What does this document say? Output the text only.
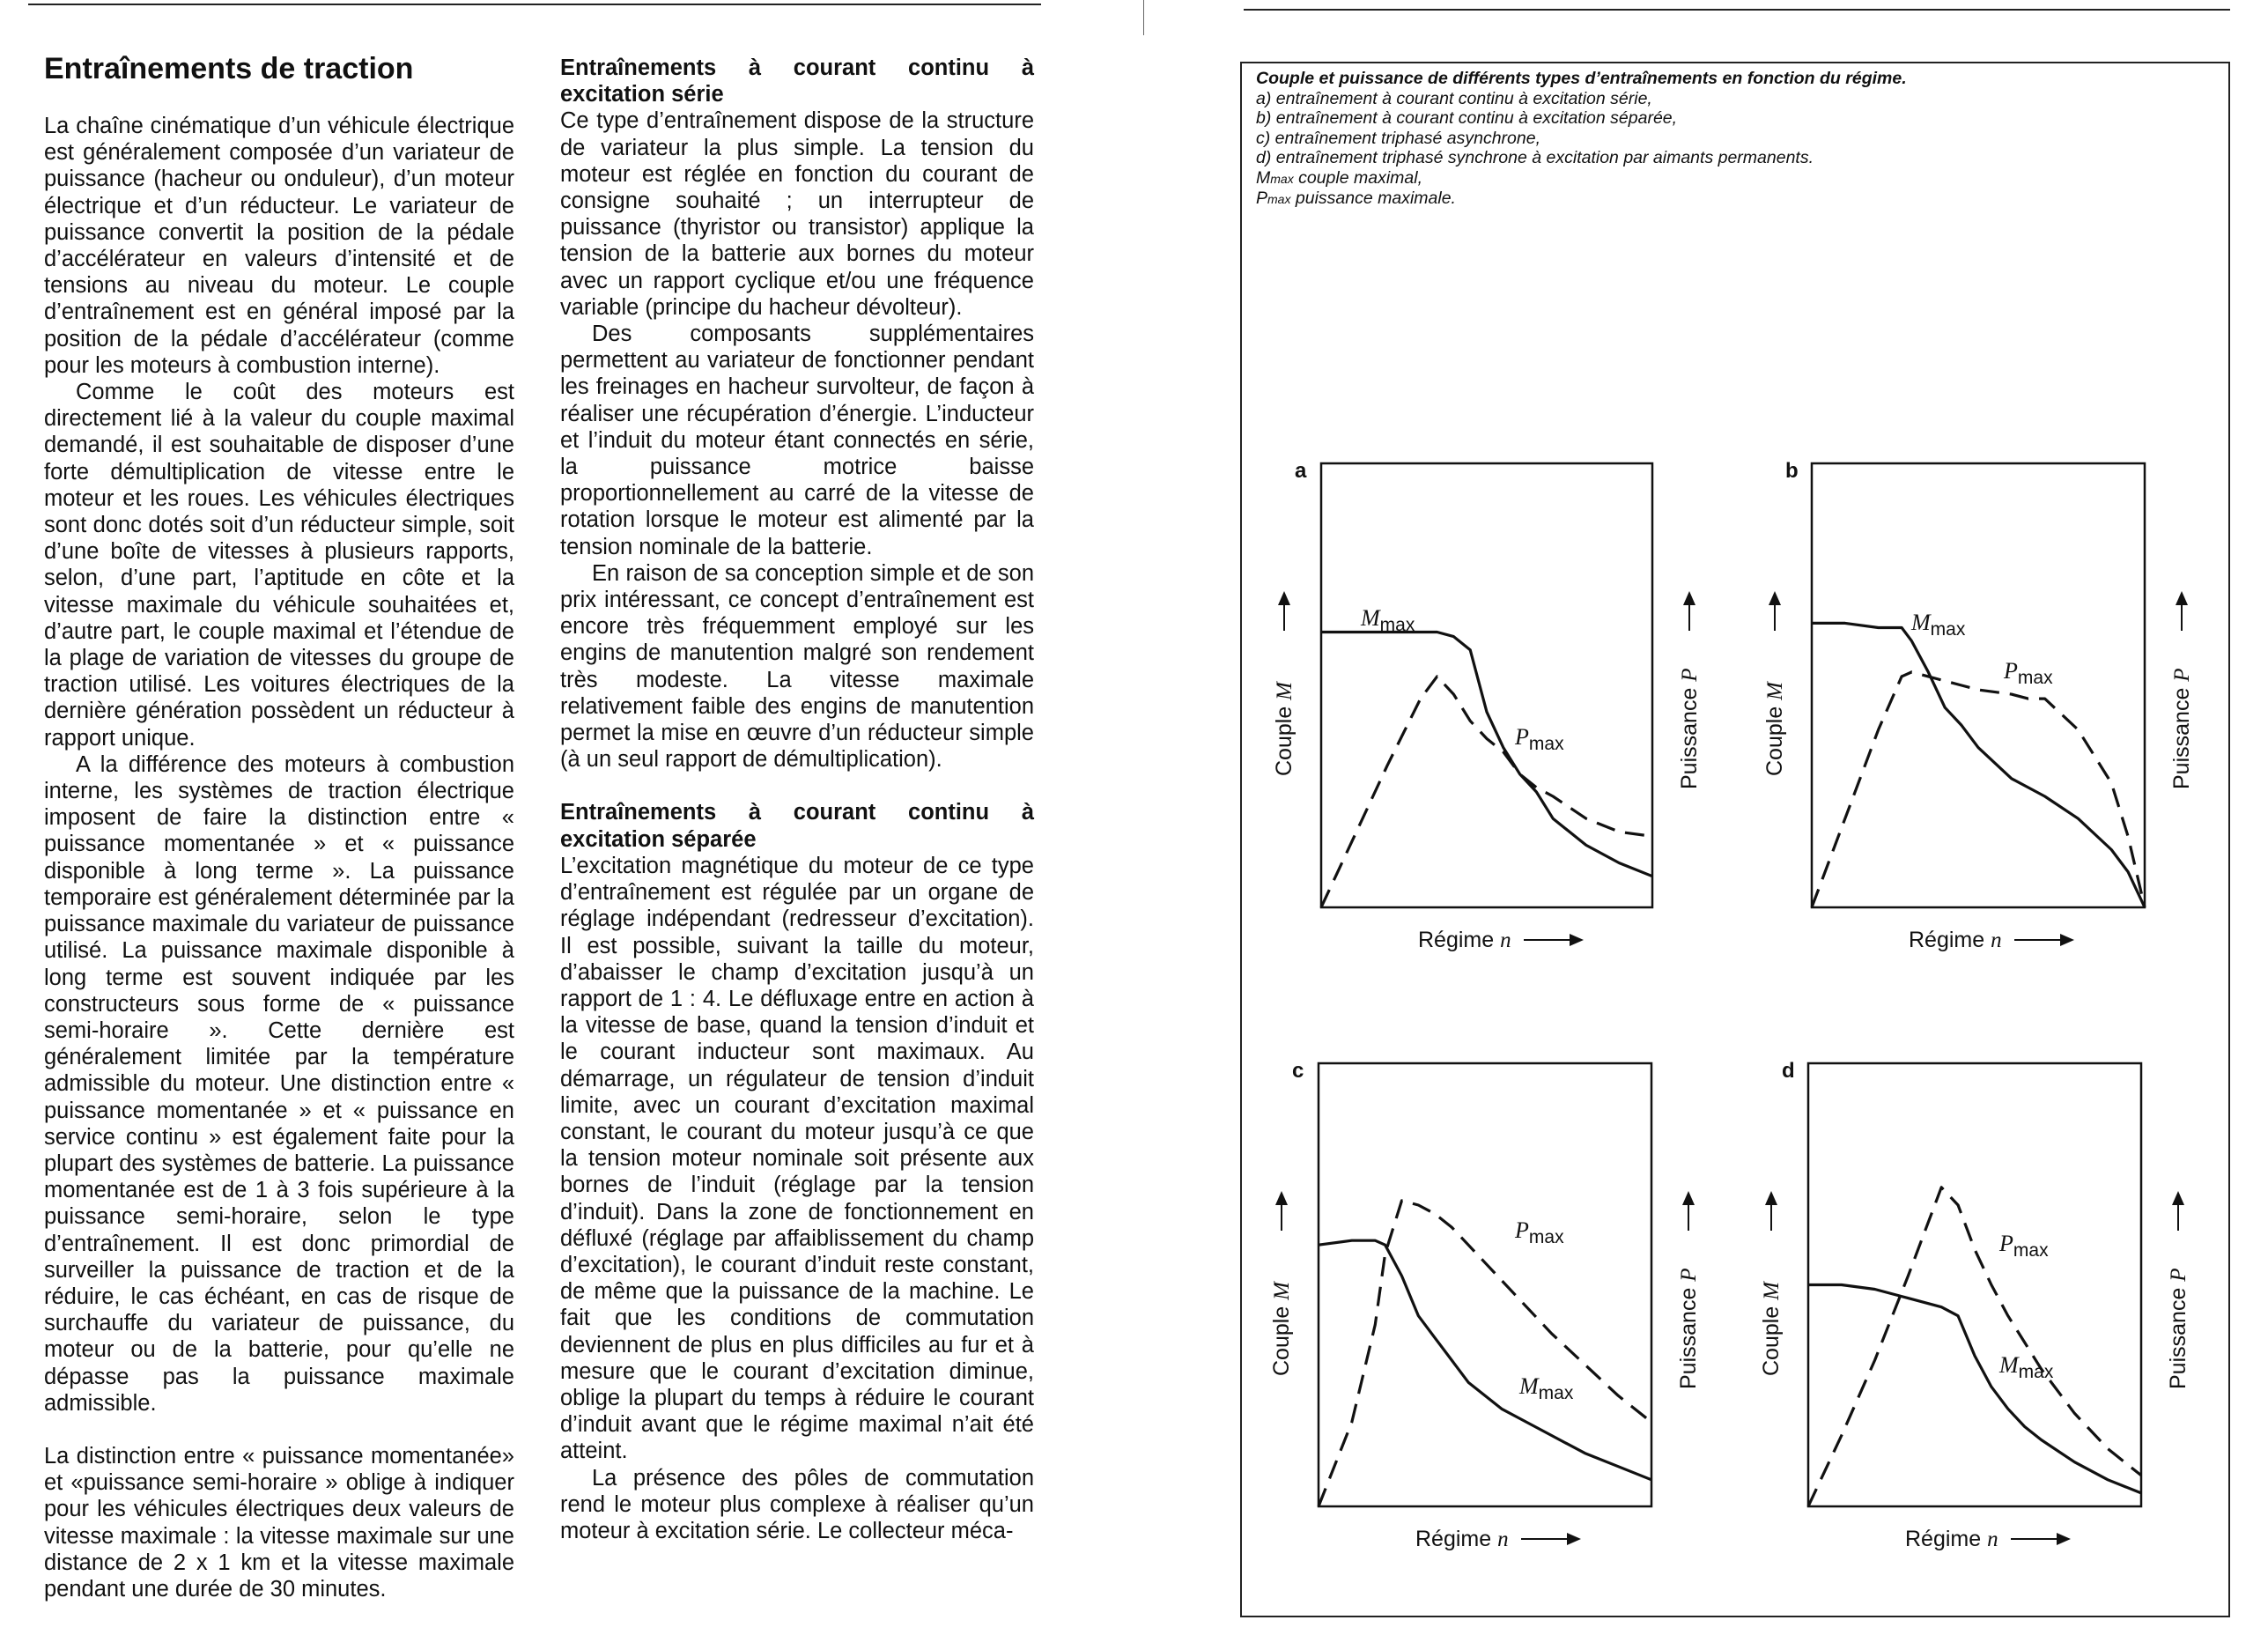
Entraînements de traction

La chaîne cinématique d’un véhicule électrique est généralement composée d’un variateur de puissance (hacheur ou onduleur), d’un moteur électrique et d’un réducteur. Le variateur de puissance convertit la position de la pédale d’accélérateur en valeurs d’intensité et de tensions au niveau du moteur. Le couple d’entraînement est en général imposé par la position de la pédale d’accélérateur (comme pour les moteurs à combustion interne).

Comme le coût des moteurs est directement lié à la valeur du couple maximal demandé, il est souhaitable de disposer d’une forte démultiplication de vitesse entre le moteur et les roues. Les véhicules électriques sont donc dotés soit d’un réducteur simple, soit d’une boîte de vitesses à plusieurs rapports, selon, d’une part, l’aptitude en côte et la vitesse maximale du véhicule souhaitées et, d’autre part, le couple maximal et l’étendue de la plage de variation de vitesses du groupe de traction utilisé. Les voitures électriques de la dernière génération possèdent un réducteur à rapport unique.

A la différence des moteurs à combustion interne, les systèmes de traction électrique imposent de faire la distinction entre « puissance momentanée » et « puissance disponible à long terme ». La puissance temporaire est généralement déterminée par la puissance maximale du variateur de puissance utilisé. La puissance maximale disponible à long terme est souvent indiquée par les constructeurs sous forme de « puissance semi-horaire ». Cette dernière est généralement limitée par la température admissible du moteur. Une distinction entre « puissance momentanée » et « puissance en service continu » est également faite pour la plupart des systèmes de batterie. La puissance momentanée est de 1 à 3 fois supérieure à la puissance semi-horaire, selon le type d’entraînement. Il est donc primordial de surveiller la puissance de traction et de la réduire, le cas échéant, en cas de risque de surchauffe du variateur de puissance, du moteur ou de la batterie, pour qu’elle ne dépasse pas la puissance maximale admissible.

La distinction entre « puissance momentanée» et «puissance semi-horaire » oblige à indiquer pour les véhicules électriques deux valeurs de vitesse maximale : la vitesse maximale sur une distance de 2 x 1 km et la vitesse maximale pendant une durée de 30 minutes.

Entraînements à courant continu à excitation série

Ce type d’entraînement dispose de la structure de variateur la plus simple. La tension du moteur est réglée en fonction du courant de consigne souhaité ; un interrupteur de puissance (thyristor ou transistor) applique la tension de la batterie aux bornes du moteur avec un rapport cyclique et/ou une fréquence variable (principe du hacheur dévolteur).

Des composants supplémentaires permettent au variateur de fonctionner pendant les freinages en hacheur survolteur, de façon à réaliser une récupération d’énergie. L’inducteur et l’induit du moteur étant connectés en série, la puissance motrice baisse proportionnellement au carré de la vitesse de rotation lorsque le moteur est alimenté par la tension nominale de la batterie.

En raison de sa conception simple et de son prix intéressant, ce concept d’entraînement est encore très fréquemment employé sur les engins de manutention malgré son rendement très modeste. La vitesse maximale relativement faible des engins de manutention permet la mise en œuvre d’un réducteur simple (à un seul rapport de démultiplication).

Entraînements à courant continu à excitation séparée

L’excitation magnétique du moteur de ce type d’entraînement est régulée par un organe de réglage indépendant (redresseur d’excitation). Il est possible, suivant la taille du moteur, d’abaisser le champ d’excitation jusqu’à un rapport de 1 : 4. Le défluxage entre en action à la vitesse de base, quand la tension d’induit et le courant inducteur sont maximaux. Au démarrage, un régulateur de tension d’induit limite, avec un courant d’excitation maximal constant, le courant du moteur jusqu’à ce que la tension moteur nominale soit présente aux bornes de l’induit (réglage par la tension d’induit). Dans la zone de fonctionnement en défluxé (réglage par affaiblissement du champ d’excitation), le courant d’induit reste constant, de même que la puissance de la machine. Le fait que les conditions de commutation deviennent de plus en plus difficiles au fur et à mesure que le courant d’excitation diminue, oblige la plupart du temps à réduire le courant d’induit avant que le régime maximal n’ait été atteint.

La présence des pôles de commutation rend le moteur plus complexe à réaliser qu’un moteur à excitation série. Le collecteur méca-

Couple et puissance de différents types d’entraînements en fonction du régime.
a) entraînement à courant continu à excitation série,
b) entraînement à courant continu à excitation séparée,
c) entraînement triphasé asynchrone,
d) entraînement triphasé synchrone à excitation par aimants permanents.
Mmax couple maximal,
Pmax puissance maximale.
a
$M_{max}$
$P_{max}$
Couple M	Puissance P
Régime n
b
$M_{max}$
$P_{max}$
Couple M	Puissance P
Régime n
c
$M_{max}$
$P_{max}$
Couple M	Puissance P
Régime n
d
$M_{max}$
$P_{max}$
Couple M	Puissance P
Régime n
